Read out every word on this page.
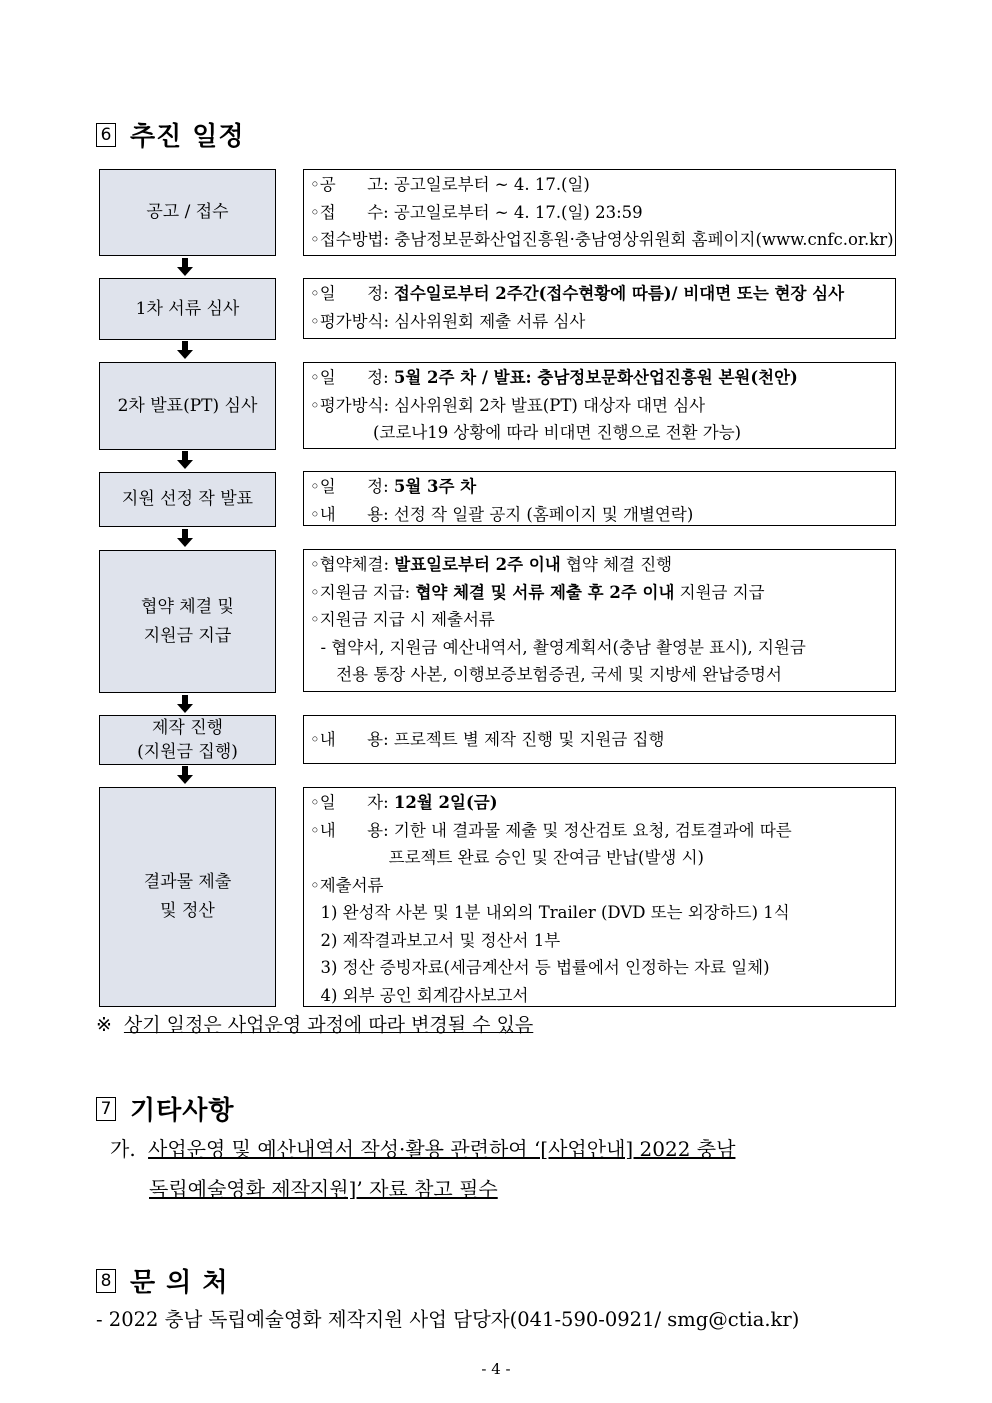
6 추진 일정
공고 / 접수
◦공      고: 공고일로부터 ~ 4. 17.(일)
◦접      수: 공고일로부터 ~ 4. 17.(일) 23:59
◦접수방법: 충남정보문화산업진흥원·충남영상위원회 홈페이지(www.cnfc.or.kr)
1차 서류 심사
◦일      정: 접수일로부터 2주간(접수현황에 따름)/ 비대면 또는 현장 심사
◦평가방식: 심사위원회 제출 서류 심사
2차 발표(PT) 심사
◦일      정: 5월 2주 차 / 발표: 충남정보문화산업진흥원 본원(천안)
◦평가방식: 심사위원회 2차 발표(PT) 대상자 대면 심사
(코로나19 상황에 따라 비대면 진행으로 전환 가능)
지원 선정 작 발표
◦일      정: 5월 3주 차
◦내      용: 선정 작 일괄 공지 (홈페이지 및 개별연락)
협약 체결 및
지원금 지급
◦협약체결: 발표일로부터 2주 이내 협약 체결 진행
◦지원금 지급: 협약 체결 및 서류 제출 후 2주 이내 지원금 지급
◦지원금 지급 시 제출서류
- 협약서, 지원금 예산내역서, 촬영계획서(충남 촬영분 표시), 지원금
전용 통장 사본, 이행보증보험증권, 국세 및 지방세 완납증명서
제작 진행
(지원금 집행)
◦내      용: 프로젝트 별 제작 진행 및 지원금 집행
결과물 제출
및 정산
◦일      자: 12월 2일(금)
◦내      용: 기한 내 결과물 제출 및 정산검토 요청, 검토결과에 따른
프로젝트 완료 승인 및 잔여금 반납(발생 시)
◦제출서류
1) 완성작 사본 및 1분 내외의 Trailer (DVD 또는 외장하드) 1식
2) 제작결과보고서 및 정산서 1부
3) 정산 증빙자료(세금계산서 등 법률에서 인정하는 자료 일체)
4) 외부 공인 회계감사보고서
※ 상기 일정은 사업운영 과정에 따라 변경될 수 있음
7 기타사항
가. 사업운영 및 예산내역서 작성·활용 관련하여 ‘[사업안내] 2022 충남
독립예술영화 제작지원]’ 자료 참고 필수
8 문 의 처
- 2022 충남 독립예술영화 제작지원 사업 담당자(041-590-0921/ smg@ctia.kr)
- 4 -
